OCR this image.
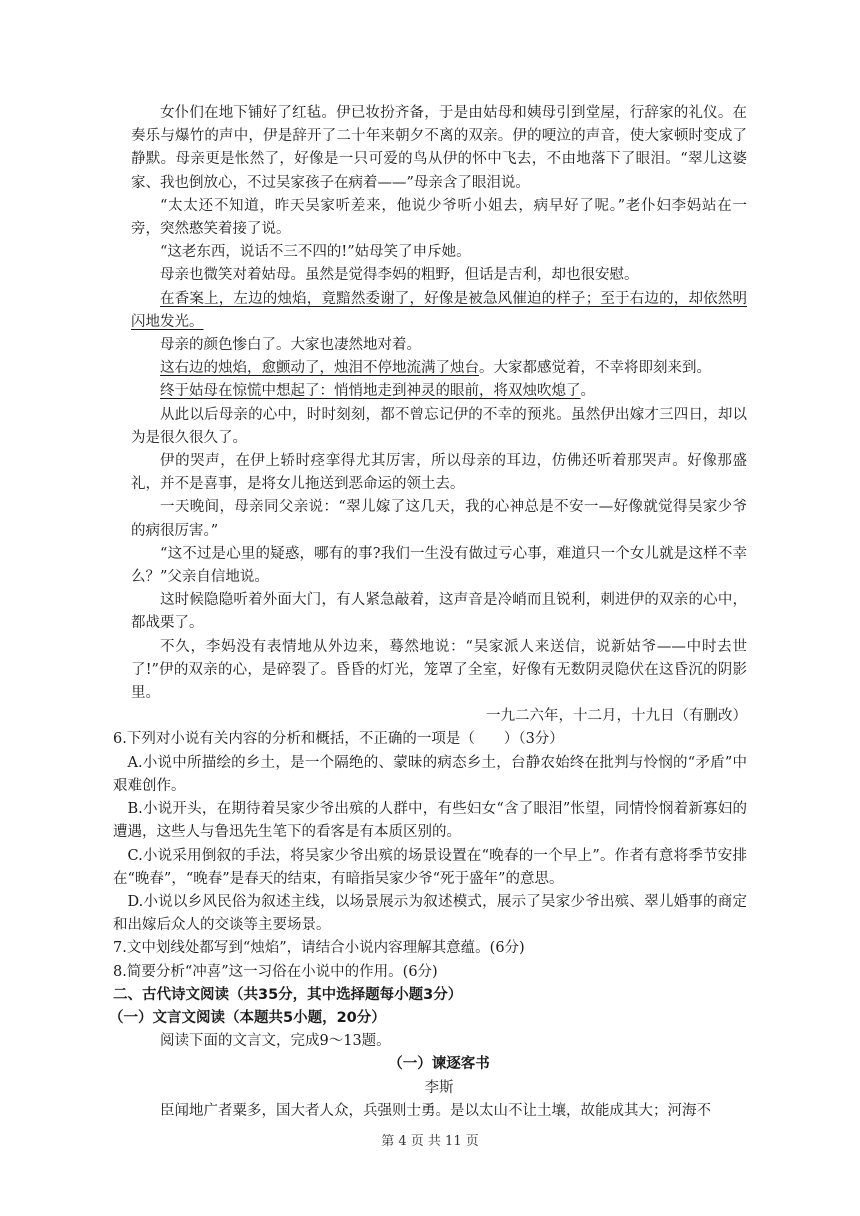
女仆们在地下铺好了红毡。伊已妆扮齐备，于是由姑母和姨母引到堂屋，行辞家的礼仪。在奏乐与爆竹的声中，伊是辞开了二十年来朝夕不离的双亲。伊的哽泣的声音，使大家顿时变成了静默。母亲更是怅然了，好像是一只可爱的鸟从伊的怀中飞去，不由地落下了眼泪。“翠儿这婆家、我也倒放心，不过吴家孩子在病着——”母亲含了眼泪说。

“太太还不知道，昨天吴家听差来，他说少爷听小姐去，病早好了呢。”老仆妇李妈站在一旁，突然憨笑着接了说。

“这老东西，说话不三不四的!”姑母笑了申斥她。

母亲也微笑对着姑母。虽然是觉得李妈的粗野，但话是吉利，却也很安慰。

在香案上，左边的烛焰，竟黯然委谢了，好像是被急风催迫的样子；至于右边的，却依然明闪地发光。

母亲的颜色惨白了。大家也凄然地对着。

这右边的烛焰，愈颤动了，烛泪不停地流满了烛台。大家都感觉着，不幸将即刻来到。

终于姑母在惊慌中想起了：悄悄地走到神灵的眼前，将双烛吹熄了。

从此以后母亲的心中，时时刻刻，都不曾忘记伊的不幸的预兆。虽然伊出嫁才三四日，却以为是很久很久了。

伊的哭声，在伊上轿时痉挛得尤其厉害，所以母亲的耳边，仿佛还听着那哭声。好像那盛礼，并不是喜事，是将女儿拖送到恶命运的领土去。

一天晚间，母亲同父亲说：“翠儿嫁了这几天，我的心神总是不安一—好像就觉得吴家少爷的病很厉害。”

“这不过是心里的疑惑，哪有的事?我们一生没有做过亏心事，难道只一个女儿就是这样不幸么？”父亲自信地说。

这时候隐隐听着外面大门，有人紧急敲着，这声音是冷峭而且锐利，刺进伊的双亲的心中，都战栗了。

不久，李妈没有表情地从外边来，蓦然地说：“吴家派人来送信，说新姑爷——中时去世了!”伊的双亲的心，是碎裂了。昏昏的灯光，笼罩了全室，好像有无数阴灵隐伏在这昏沉的阴影里。

一九二六年，十二月，十九日（有删改）

6.下列对小说有关内容的分析和概括，不正确的一项是（　　）（3分）

A.小说中所描绘的乡土，是一个隔绝的、蒙昧的病态乡土，台静农始终在批判与怜悯的“矛盾”中艰难创作。

B.小说开头，在期待着吴家少爷出殡的人群中，有些妇女“含了眼泪”怅望，同情怜悯着新寡妇的遭遇，这些人与鲁迅先生笔下的看客是有本质区别的。

C.小说采用倒叙的手法，将吴家少爷出殡的场景设置在“晚春的一个早上”。作者有意将季节安排在“晚春”，“晚春”是春天的结束，有暗指吴家少爷“死于盛年”的意思。

D.小说以乡风民俗为叙述主线，以场景展示为叙述模式，展示了吴家少爷出殡、翠儿婚事的商定和出嫁后众人的交谈等主要场景。

7.文中划线处都写到“烛焰”，请结合小说内容理解其意蕴。(6分)

8.简要分析“冲喜”这一习俗在小说中的作用。(6分)

二、古代诗文阅读（共35分，其中选择题每小题3分）

（一）文言文阅读（本题共5小题，20分）

阅读下面的文言文，完成9～13题。

（一）谏逐客书

李斯

臣闻地广者粟多，国大者人众，兵强则士勇。是以太山不让土壤，故能成其大；河海不

第 4 页 共 11 页
